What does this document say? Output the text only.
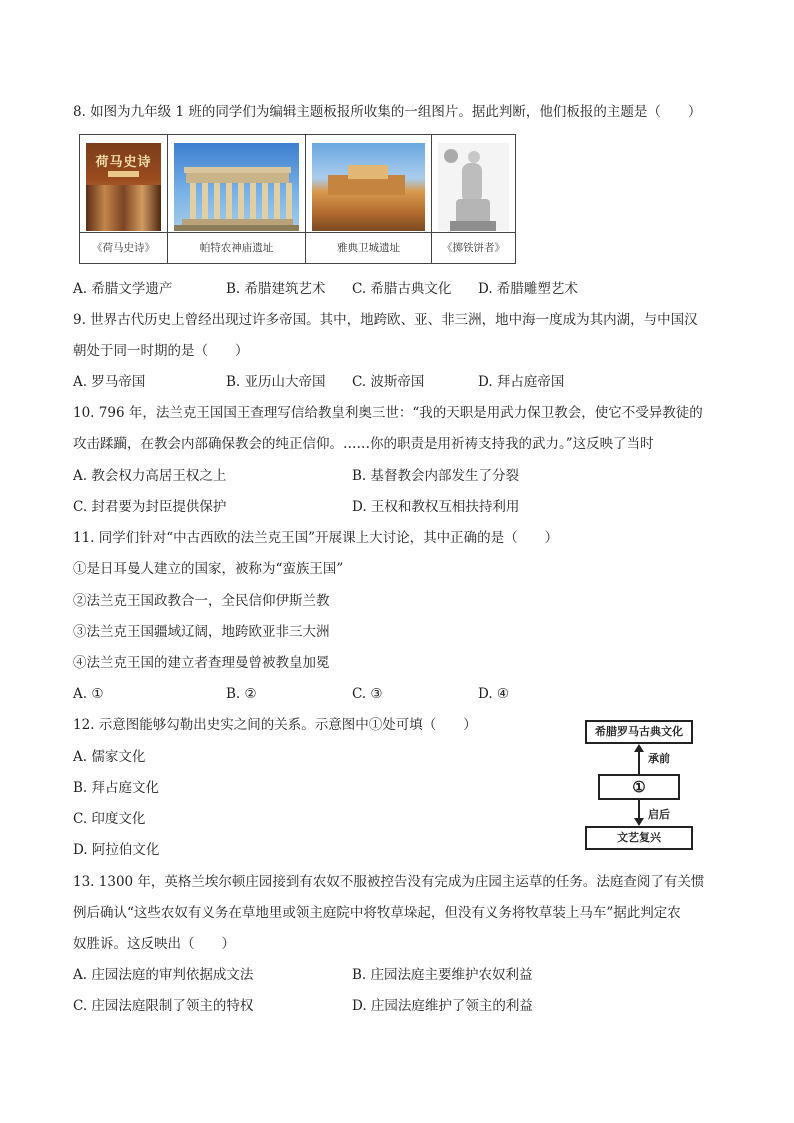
8. 如图为九年级 1 班的同学们为编辑主题板报所收集的一组图片。据此判断，他们板报的主题是（　　）
荷马史诗
《荷马史诗》	帕特农神庙遗址	雅典卫城遗址	《掷铁饼者》
A. 希腊文学遗产	B. 希腊建筑艺术 C. 希腊古典文化 D. 希腊雕塑艺术
9. 世界古代历史上曾经出现过许多帝国。其中，地跨欧、亚、非三洲，地中海一度成为其内湖，与中国汉
朝处于同一时期的是（　　）
A. 罗马帝国	B. 亚历山大帝国 C. 波斯帝国	D. 拜占庭帝国
10. 796 年，法兰克王国国王查理写信给教皇利奥三世：“我的天职是用武力保卫教会，使它不受异教徒的
攻击蹂躏，在教会内部确保教会的纯正信仰。……你的职责是用祈祷支持我的武力。”这反映了当时
A. 教会权力高居王权之上	B. 基督教会内部发生了分裂
C. 封君要为封臣提供保护	D. 王权和教权互相扶持利用
11. 同学们针对“中古西欧的法兰克王国”开展课上大讨论，其中正确的是（　　）
①是日耳曼人建立的国家，被称为“蛮族王国”
②法兰克王国政教合一，全民信仰伊斯兰教
③法兰克王国疆域辽阔，地跨欧亚非三大洲
④法兰克王国的建立者查理曼曾被教皇加冕
A. ①	B. ②	C. ③	D. ④
12. 示意图能够勾勒出史实之间的关系。示意图中①处可填（　　）
A. 儒家文化
B. 拜占庭文化
C. 印度文化
D. 阿拉伯文化
希腊罗马古典文化
承前
①
启后
文艺复兴
13. 1300 年，英格兰埃尔顿庄园接到有农奴不服被控告没有完成为庄园主运草的任务。法庭查阅了有关惯
例后确认“这些农奴有义务在草地里或领主庭院中将牧草垛起，但没有义务将牧草装上马车”据此判定农
奴胜诉。这反映出（　　）
A. 庄园法庭的审判依据成文法	B. 庄园法庭主要维护农奴利益
C. 庄园法庭限制了领主的特权	D. 庄园法庭维护了领主的利益
